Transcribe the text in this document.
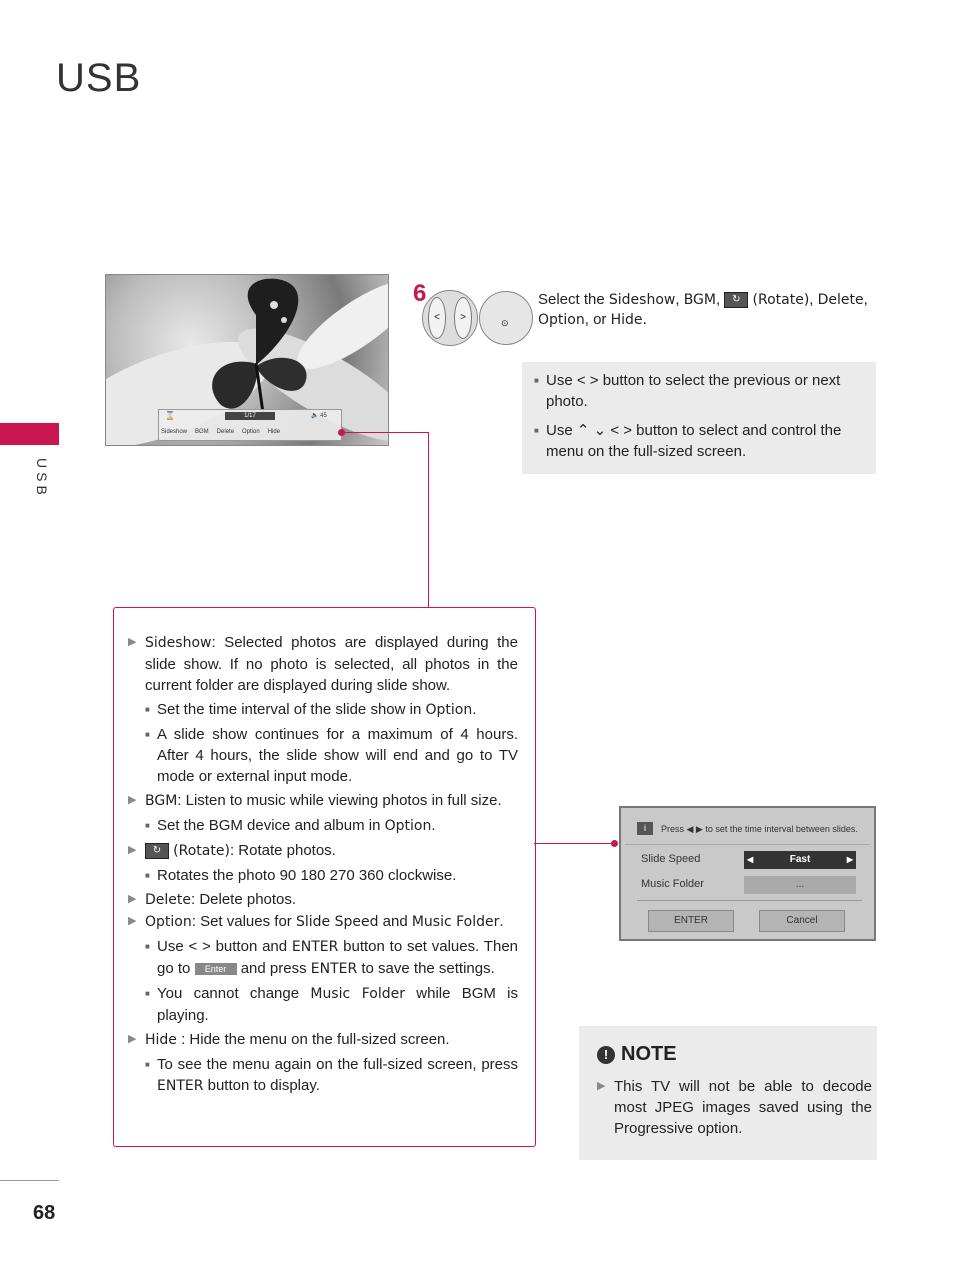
USB
USB
68
⌛	1/17	🔈 45
Sideshow BGM Delete Option Hide
6
<	>	⊙
Select the Sideshow, BGM, ↻ (Rotate), Delete, Option, or Hide.
■ Use < > button to select the previous or next photo.
■ Use ⌃ ⌄ < > button to select and control the menu on the full-sized screen.
▶ Sideshow: Selected photos are displayed during the slide show. If no photo is selected, all photos in the current folder are displayed during slide show.
■ Set the time interval of the slide show in Option.
■ A slide show continues for a maximum of 4 hours. After 4 hours, the slide show will end and go to TV mode or external input mode.
▶ BGM: Listen to music while viewing photos in full size.
■ Set the BGM device and album in Option.
▶ ↻ (Rotate): Rotate photos.
■ Rotates the photo 90 180 270 360 clockwise.
▶ Delete: Delete photos.
▶ Option: Set values for Slide Speed and Music Folder.
■ Use < > button and ENTER button to set values. Then go to Enter and press ENTER to save the settings.
■ You cannot change Music Folder while BGM is playing.
▶ Hide : Hide the menu on the full-sized screen.
■ To see the menu again on the full-sized screen, press ENTER button to display.
i	Press ◀ ▶ to set the time interval between slides.
Slide Speed	◀	Fast	▶
Music Folder	...
ENTER	Cancel
! NOTE
▶ This TV will not be able to decode most JPEG images saved using the Progressive option.
